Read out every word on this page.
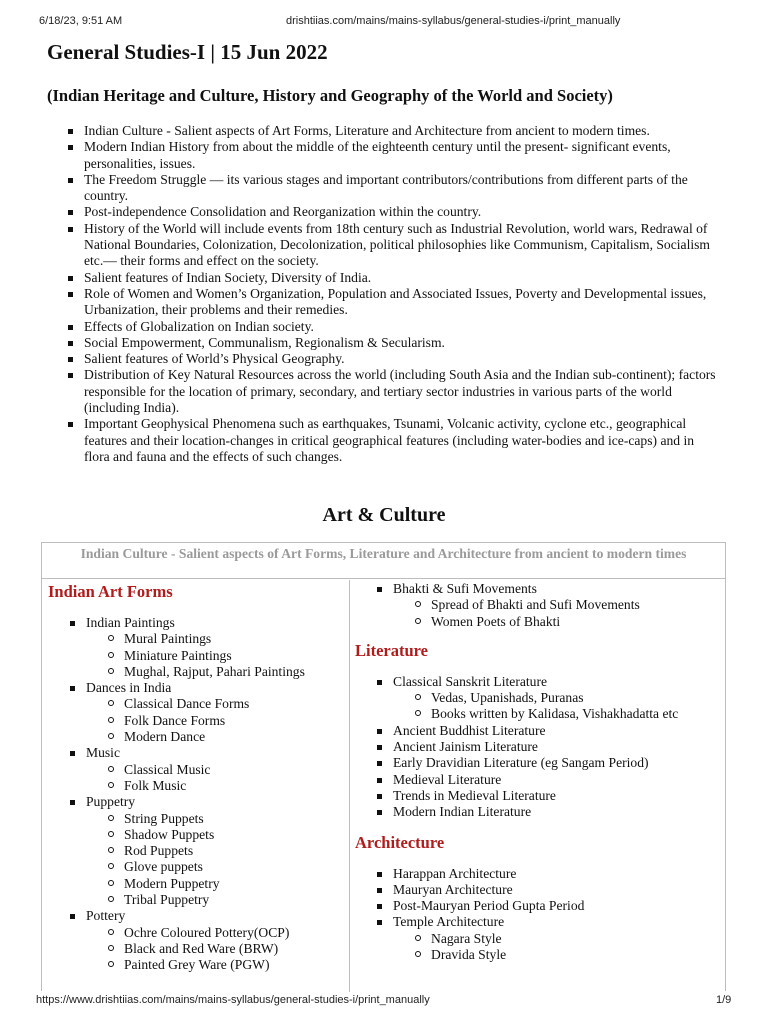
6/18/23, 9:51 AM	drishtiias.com/mains/mains-syllabus/general-studies-i/print_manually
General Studies-I | 15 Jun 2022
(Indian Heritage and Culture, History and Geography of the World and Society)
Indian Culture - Salient aspects of Art Forms, Literature and Architecture from ancient to modern times.
Modern Indian History from about the middle of the eighteenth century until the present- significant events, personalities, issues.
The Freedom Struggle — its various stages and important contributors/contributions from different parts of the country.
Post-independence Consolidation and Reorganization within the country.
History of the World will include events from 18th century such as Industrial Revolution, world wars, Redrawal of National Boundaries, Colonization, Decolonization, political philosophies like Communism, Capitalism, Socialism etc.— their forms and effect on the society.
Salient features of Indian Society, Diversity of India.
Role of Women and Women’s Organization, Population and Associated Issues, Poverty and Developmental issues, Urbanization, their problems and their remedies.
Effects of Globalization on Indian society.
Social Empowerment, Communalism, Regionalism & Secularism.
Salient features of World’s Physical Geography.
Distribution of Key Natural Resources across the world (including South Asia and the Indian sub-continent); factors responsible for the location of primary, secondary, and tertiary sector industries in various parts of the world (including India).
Important Geophysical Phenomena such as earthquakes, Tsunami, Volcanic activity, cyclone etc., geographical features and their location-changes in critical geographical features (including water-bodies and ice-caps) and in flora and fauna and the effects of such changes.
Art & Culture
Indian Culture - Salient aspects of Art Forms, Literature and Architecture from ancient to modern times
Indian Art Forms
Indian Paintings
Mural Paintings
Miniature Paintings
Mughal, Rajput, Pahari Paintings
Dances in India
Classical Dance Forms
Folk Dance Forms
Modern Dance
Music
Classical Music
Folk Music
Puppetry
String Puppets
Shadow Puppets
Rod Puppets
Glove puppets
Modern Puppetry
Tribal Puppetry
Pottery
Ochre Coloured Pottery(OCP)
Black and Red Ware (BRW)
Painted Grey Ware (PGW)
Bhakti & Sufi Movements
Spread of Bhakti and Sufi Movements
Women Poets of Bhakti
Literature
Classical Sanskrit Literature
Vedas, Upanishads, Puranas
Books written by Kalidasa, Vishakhadatta etc
Ancient Buddhist Literature
Ancient Jainism Literature
Early Dravidian Literature (eg Sangam Period)
Medieval Literature
Trends in Medieval Literature
Modern Indian Literature
Architecture
Harappan Architecture
Mauryan Architecture
Post-Mauryan Period Gupta Period
Temple Architecture
Nagara Style
Dravida Style
https://www.drishtiias.com/mains/mains-syllabus/general-studies-i/print_manually	1/9
